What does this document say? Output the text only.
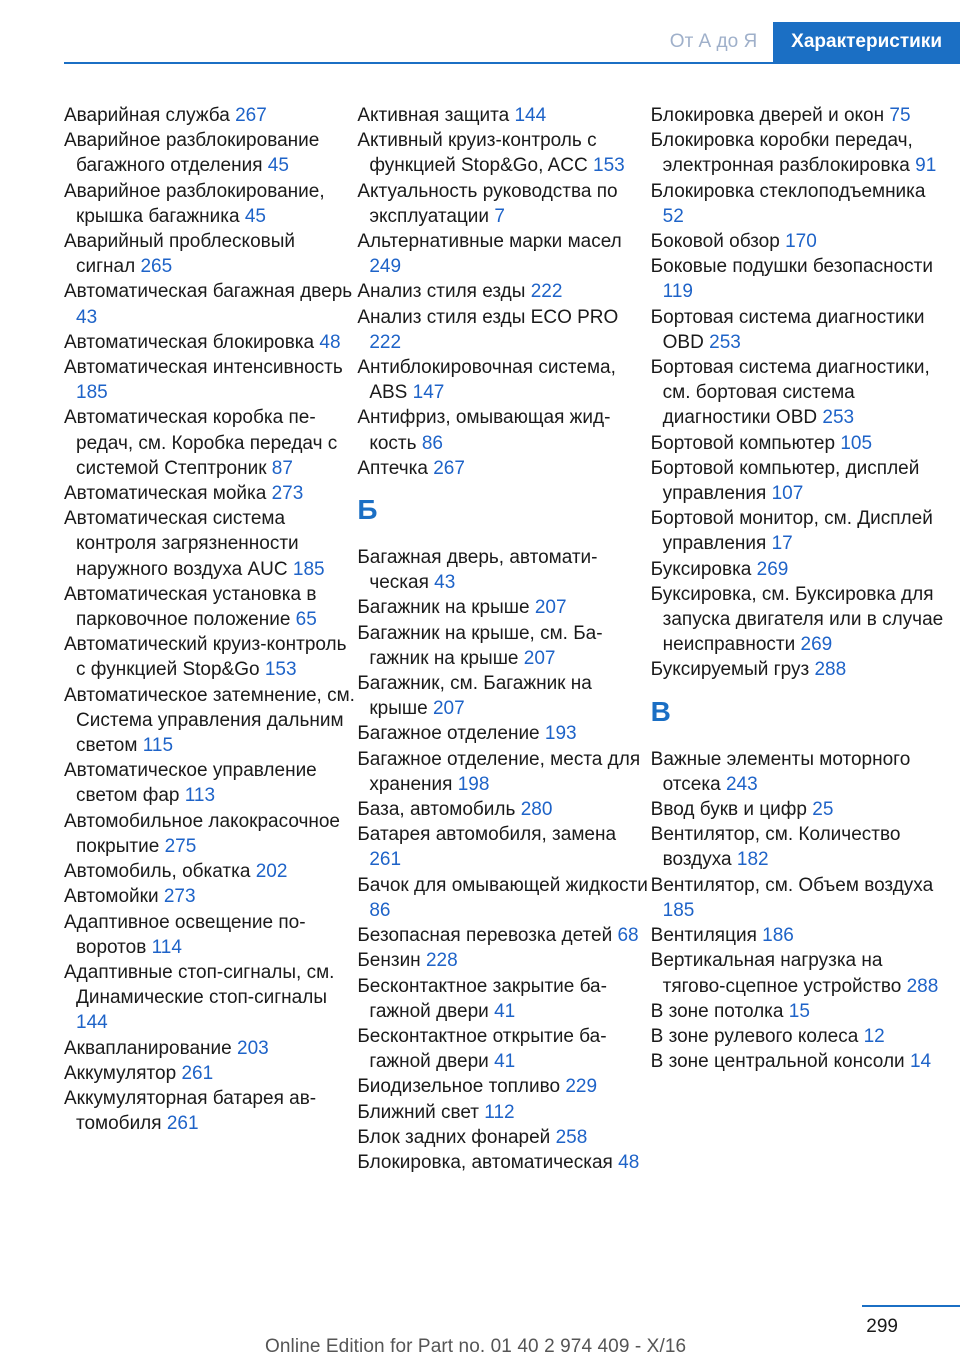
От А до Я	Характеристики
Аварийная служба 267
Аварийное разблокирование багажного отделения 45
Аварийное разблокирование, крышка багажника 45
Аварийный проблесковый сигнал 265
Автоматическая багажная дверь 43
Автоматическая блокировка 48
Автоматическая интенсивность 185
Автоматическая коробка передач, см. Коробка передач с системой Стептроник 87
Автоматическая мойка 273
Автоматическая система контроля загрязненности наружного воздуха AUC 185
Автоматическая установка в парковочное положение 65
Автоматический круиз-контроль с функцией Stop&Go 153
Автоматическое затемнение, см. Система управления дальним светом 115
Автоматическое управление светом фар 113
Автомобильное лакокрасочное покрытие 275
Автомобиль, обкатка 202
Автомойки 273
Адаптивное освещение поворотов 114
Адаптивные стоп-сигналы, см. Динамические стоп-сигналы 144
Аквапланирование 203
Аккумулятор 261
Аккумуляторная батарея автомобиля 261
Активная защита 144
Активный круиз-контроль с функцией Stop&Go, ACC 153
Актуальность руководства по эксплуатации 7
Альтернативные марки масел 249
Анализ стиля езды 222
Анализ стиля езды ECO PRO 222
Антиблокировочная система, ABS 147
Антифриз, омывающая жидкость 86
Аптечка 267
Б
Багажная дверь, автоматическая 43
Багажник на крыше 207
Багажник на крыше, см. Багажник на крыше 207
Багажник, см. Багажник на крыше 207
Багажное отделение 193
Багажное отделение, места для хранения 198
База, автомобиль 280
Батарея автомобиля, замена 261
Бачок для омывающей жидкости 86
Безопасная перевозка детей 68
Бензин 228
Бесконтактное закрытие багажной двери 41
Бесконтактное открытие багажной двери 41
Биодизельное топливо 229
Ближний свет 112
Блок задних фонарей 258
Блокировка, автоматическая 48
Блокировка дверей и окон 75
Блокировка коробки передач, электронная разблокировка 91
Блокировка стеклоподъемника 52
Боковой обзор 170
Боковые подушки безопасности 119
Бортовая система диагностики OBD 253
Бортовая система диагностики, см. бортовая система диагностики OBD 253
Бортовой компьютер 105
Бортовой компьютер, дисплей управления 107
Бортовой монитор, см. Дисплей управления 17
Буксировка 269
Буксировка, см. Буксировка для запуска двигателя или в случае неисправности 269
Буксируемый груз 288
В
Важные элементы моторного отсека 243
Ввод букв и цифр 25
Вентилятор, см. Количество воздуха 182
Вентилятор, см. Объем воздуха 185
Вентиляция 186
Вертикальная нагрузка на тягово-сцепное устройство 288
В зоне потолка 15
В зоне рулевого колеса 12
В зоне центральной консоли 14
299
Online Edition for Part no. 01 40 2 974 409 - X/16
